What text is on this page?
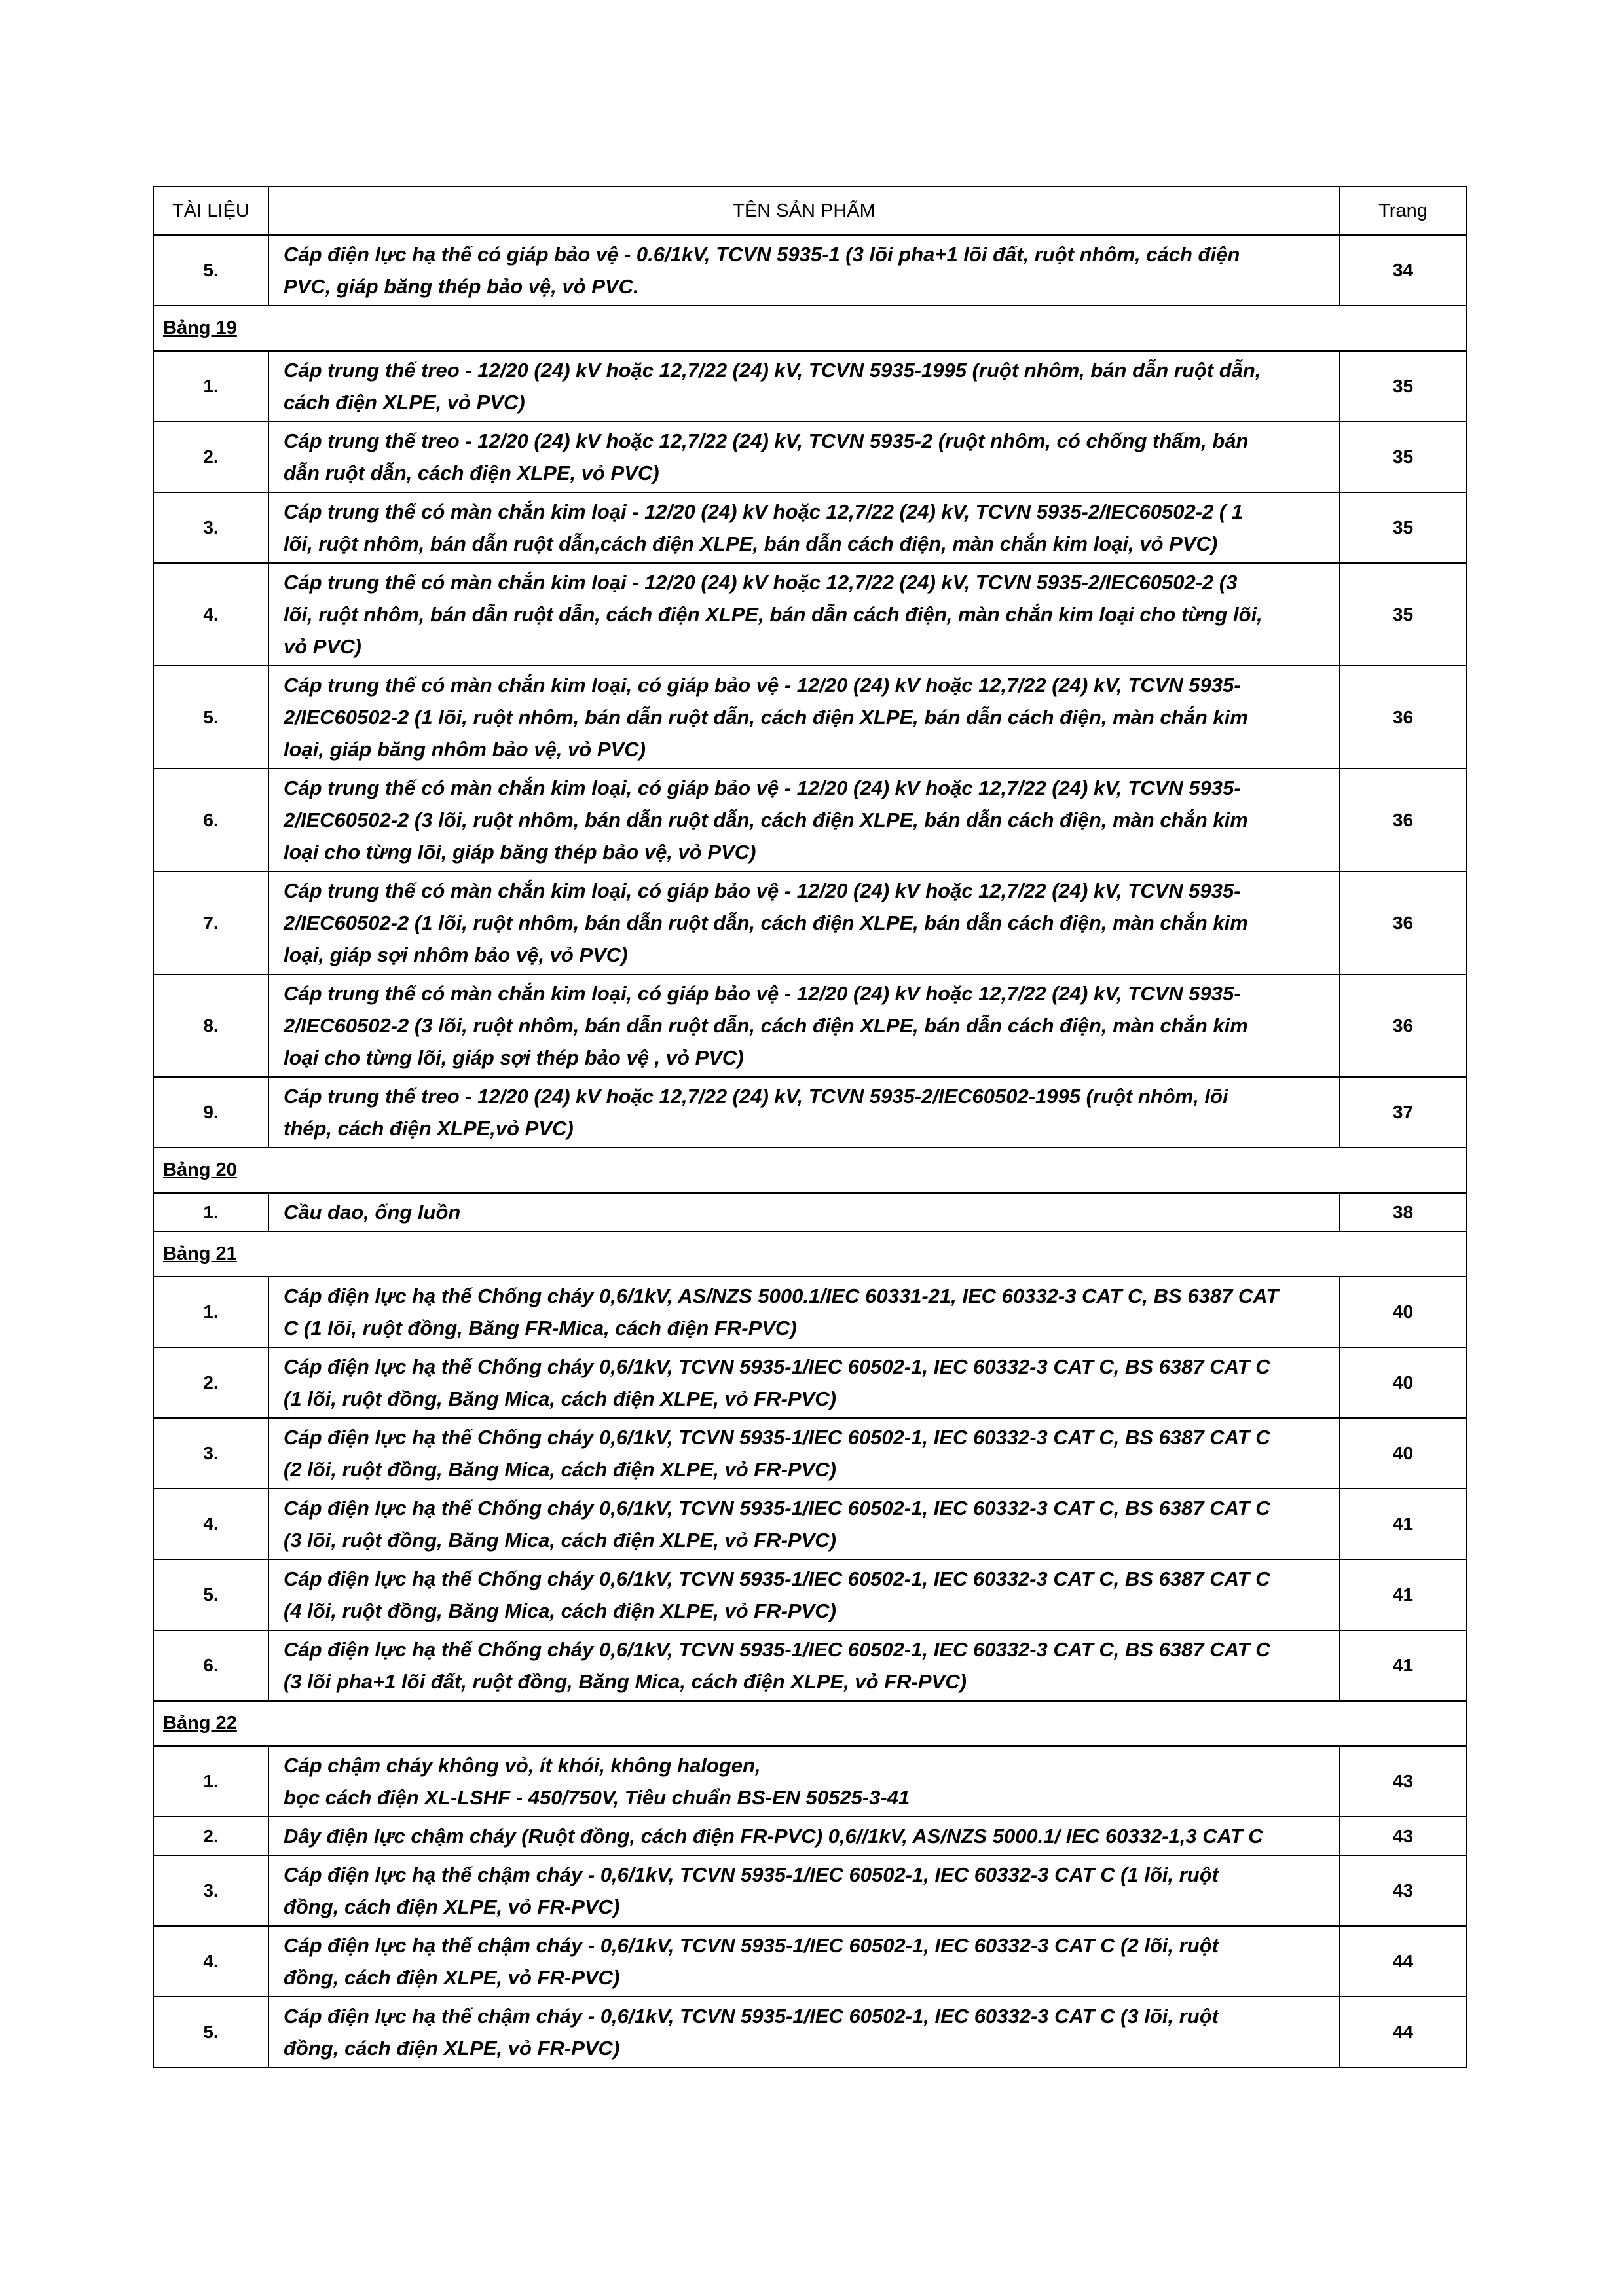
TÀI LIỆU	TÊN SẢN PHẨM	Trang
5.	Cáp điện lực hạ thế có giáp bảo vệ - 0.6/1kV, TCVN 5935-1 (3 lõi pha+1 lõi đất, ruột nhôm, cách điện
PVC, giáp băng thép bảo vệ, vỏ PVC.	34
Bảng 19		
1.	Cáp trung thế treo - 12/20 (24) kV hoặc 12,7/22 (24) kV, TCVN 5935-1995 (ruột nhôm, bán dẫn ruột dẫn,
cách điện XLPE, vỏ PVC)	35
2.	Cáp trung thế treo - 12/20 (24) kV hoặc 12,7/22 (24) kV, TCVN 5935-2 (ruột nhôm, có chống thấm, bán
dẫn ruột dẫn, cách điện XLPE, vỏ PVC)	35
3.	Cáp trung thế có màn chắn kim loại - 12/20 (24) kV hoặc 12,7/22 (24) kV, TCVN 5935-2/IEC60502-2 ( 1
lõi, ruột nhôm, bán dẫn ruột dẫn,cách điện XLPE, bán dẫn cách điện, màn chắn kim loại, vỏ PVC)	35
4.	Cáp trung thế có màn chắn kim loại - 12/20 (24) kV hoặc 12,7/22 (24) kV, TCVN 5935-2/IEC60502-2 (3
lõi, ruột nhôm, bán dẫn ruột dẫn, cách điện XLPE, bán dẫn cách điện, màn chắn kim loại cho từng lõi,
vỏ PVC)	35
5.	Cáp trung thế có màn chắn kim loại, có giáp bảo vệ - 12/20 (24) kV hoặc 12,7/22 (24) kV, TCVN 5935-
2/IEC60502-2 (1 lõi, ruột nhôm, bán dẫn ruột dẫn, cách điện XLPE, bán dẫn cách điện, màn chắn kim
loại, giáp băng nhôm bảo vệ, vỏ PVC)	36
6.	Cáp trung thế có màn chắn kim loại, có giáp bảo vệ - 12/20 (24) kV hoặc 12,7/22 (24) kV, TCVN 5935-
2/IEC60502-2 (3 lõi, ruột nhôm, bán dẫn ruột dẫn, cách điện XLPE, bán dẫn cách điện, màn chắn kim
loại cho từng lõi, giáp băng thép bảo vệ, vỏ PVC)	36
7.	Cáp trung thế có màn chắn kim loại, có giáp bảo vệ - 12/20 (24) kV hoặc 12,7/22 (24) kV, TCVN 5935-
2/IEC60502-2 (1 lõi, ruột nhôm, bán dẫn ruột dẫn, cách điện XLPE, bán dẫn cách điện, màn chắn kim
loại, giáp sợi nhôm bảo vệ, vỏ PVC)	36
8.	Cáp trung thế có màn chắn kim loại, có giáp bảo vệ - 12/20 (24) kV hoặc 12,7/22 (24) kV, TCVN 5935-
2/IEC60502-2 (3 lõi, ruột nhôm, bán dẫn ruột dẫn, cách điện XLPE, bán dẫn cách điện, màn chắn kim
loại cho từng lõi, giáp sợi thép bảo vệ , vỏ PVC)	36
9.	Cáp trung thế treo - 12/20 (24) kV hoặc 12,7/22 (24) kV, TCVN 5935-2/IEC60502-1995 (ruột nhôm, lõi
thép, cách điện XLPE,vỏ PVC)	37
Bảng 20		
1.	Cầu dao, ống luồn	38
Bảng 21		
1.	Cáp điện lực hạ thế Chống cháy 0,6/1kV, AS/NZS 5000.1/IEC 60331-21, IEC 60332-3 CAT C, BS 6387 CAT
C (1 lõi, ruột đồng, Băng FR-Mica, cách điện FR-PVC)	40
2.	Cáp điện lực hạ thế Chống cháy 0,6/1kV, TCVN 5935-1/IEC 60502-1, IEC 60332-3 CAT C, BS 6387 CAT C
(1 lõi, ruột đồng, Băng Mica, cách điện XLPE, vỏ FR-PVC)	40
3.	Cáp điện lực hạ thế Chống cháy 0,6/1kV, TCVN 5935-1/IEC 60502-1, IEC 60332-3 CAT C, BS 6387 CAT C
(2 lõi, ruột đồng, Băng Mica, cách điện XLPE, vỏ FR-PVC)	40
4.	Cáp điện lực hạ thế Chống cháy 0,6/1kV, TCVN 5935-1/IEC 60502-1, IEC 60332-3 CAT C, BS 6387 CAT C
(3 lõi, ruột đồng, Băng Mica, cách điện XLPE, vỏ FR-PVC)	41
5.	Cáp điện lực hạ thế Chống cháy 0,6/1kV, TCVN 5935-1/IEC 60502-1, IEC 60332-3 CAT C, BS 6387 CAT C
(4 lõi, ruột đồng, Băng Mica, cách điện XLPE, vỏ FR-PVC)	41
6.	Cáp điện lực hạ thế Chống cháy 0,6/1kV, TCVN 5935-1/IEC 60502-1, IEC 60332-3 CAT C, BS 6387 CAT C
(3 lõi pha+1 lõi đất, ruột đồng, Băng Mica, cách điện XLPE, vỏ FR-PVC)	41
Bảng 22		
1.	Cáp chậm cháy không vỏ, ít khói, không halogen,
bọc cách điện XL-LSHF - 450/750V, Tiêu chuẩn BS-EN 50525-3-41	43
2.	Dây điện lực chậm cháy (Ruột đồng, cách điện FR-PVC) 0,6//1kV, AS/NZS 5000.1/ IEC 60332-1,3 CAT C	43
3.	Cáp điện lực hạ thế chậm cháy - 0,6/1kV, TCVN 5935-1/IEC 60502-1, IEC 60332-3 CAT C (1 lõi, ruột
đồng, cách điện XLPE, vỏ FR-PVC)	43
4.	Cáp điện lực hạ thế chậm cháy - 0,6/1kV, TCVN 5935-1/IEC 60502-1, IEC 60332-3 CAT C (2 lõi, ruột
đồng, cách điện XLPE, vỏ FR-PVC)	44
5.	Cáp điện lực hạ thế chậm cháy - 0,6/1kV, TCVN 5935-1/IEC 60502-1, IEC 60332-3 CAT C (3 lõi, ruột
đồng, cách điện XLPE, vỏ FR-PVC)	44
